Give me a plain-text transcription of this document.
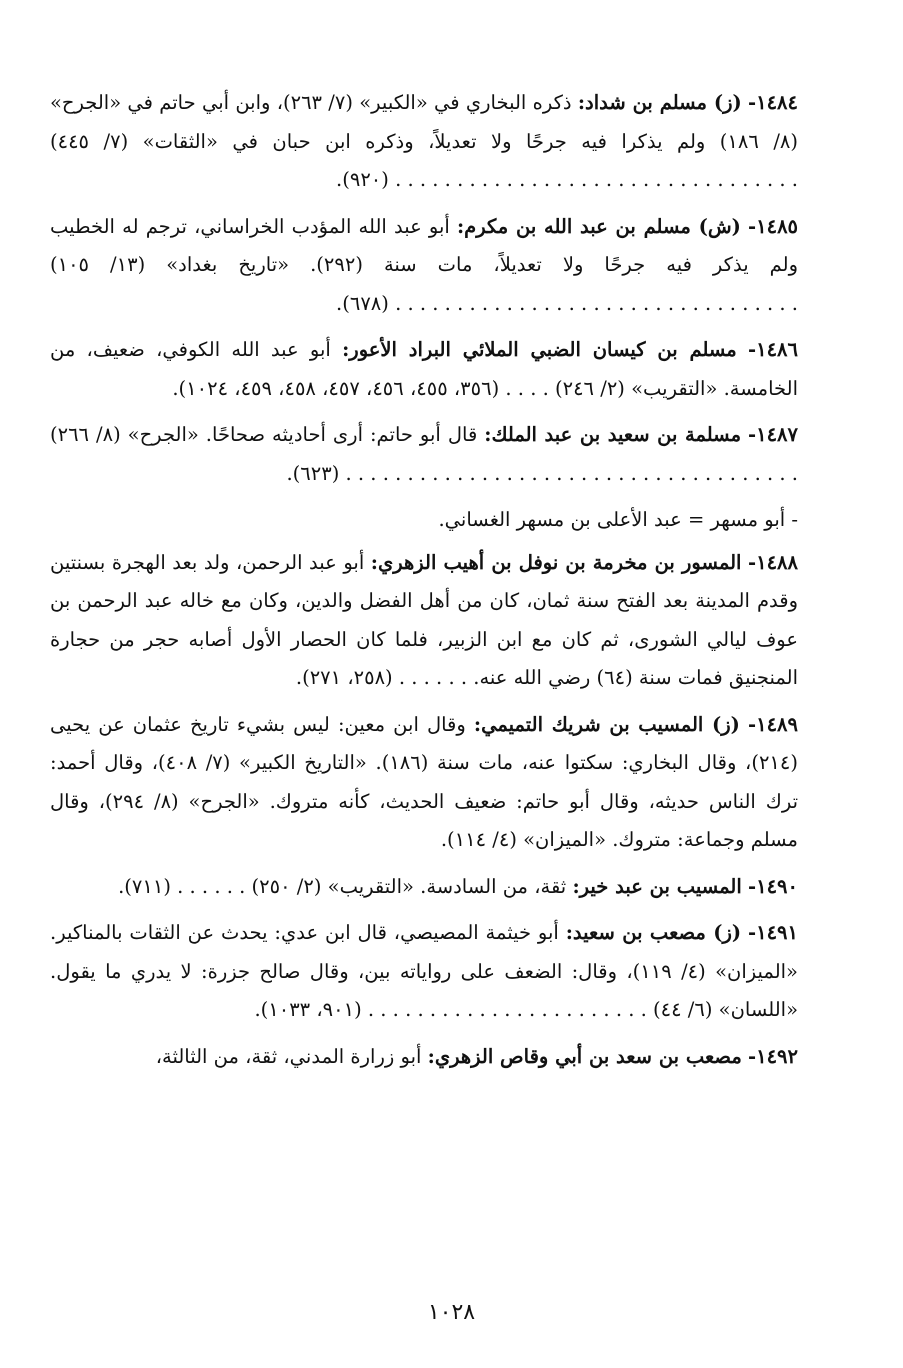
١٤٨٤- (ز) مسلم بن شداد: ذكره البخاري في «الكبير» (٧/ ٢٦٣)، وابن أبي حاتم في «الجرح» (٨/ ١٨٦) ولم يذكرا فيه جرحًا ولا تعديلاً، وذكره ابن حبان في «الثقات» (٧/ ٤٤٥) . . . . . . . . . . . . . . . . . . . . . . . . . . . . . . . . . (٩٢٠).

١٤٨٥- (ش) مسلم بن عبد الله بن مكرم: أبو عبد الله المؤدب الخراساني، ترجم له الخطيب ولم يذكر فيه جرحًا ولا تعديلاً، مات سنة (٢٩٢). «تاريخ بغداد» (١٣/ ١٠٥) . . . . . . . . . . . . . . . . . . . . . . . . . . . . . . . . . (٦٧٨).

١٤٨٦- مسلم بن كيسان الضبي الملائي البراد الأعور: أبو عبد الله الكوفي، ضعيف، من الخامسة. «التقريب» (٢/ ٢٤٦) . . . . (٣٥٦، ٤٥٥، ٤٥٦، ٤٥٧، ٤٥٨، ٤٥٩، ١٠٢٤).

١٤٨٧- مسلمة بن سعيد بن عبد الملك: قال أبو حاتم: أرى أحاديثه صحاحًا. «الجرح» (٨/ ٢٦٦) . . . . . . . . . . . . . . . . . . . . . . . . . . . . . . . . . . . . . (٦٢٣).

- أبو مسهر = عبد الأعلى بن مسهر الغساني.

١٤٨٨- المسور بن مخرمة بن نوفل بن أهيب الزهري: أبو عبد الرحمن، ولد بعد الهجرة بسنتين وقدم المدينة بعد الفتح سنة ثمان، كان من أهل الفضل والدين، وكان مع خاله عبد الرحمن بن عوف ليالي الشورى، ثم كان مع ابن الزبير، فلما كان الحصار الأول أصابه حجر من حجارة المنجنيق فمات سنة (٦٤) رضي الله عنه. . . . . . . (٢٥٨، ٢٧١).

١٤٨٩- (ز) المسيب بن شريك التميمي: وقال ابن معين: ليس بشيء تاريخ عثمان عن يحيى (٢١٤)، وقال البخاري: سكتوا عنه، مات سنة (١٨٦). «التاريخ الكبير» (٧/ ٤٠٨)، وقال أحمد: ترك الناس حديثه، وقال أبو حاتم: ضعيف الحديث، كأنه متروك. «الجرح» (٨/ ٢٩٤)، وقال مسلم وجماعة: متروك. «الميزان» (٤/ ١١٤).

١٤٩٠- المسيب بن عبد خير: ثقة، من السادسة. «التقريب» (٢/ ٢٥٠) . . . . . . (٧١١).

١٤٩١- (ز) مصعب بن سعيد: أبو خيثمة المصيصي، قال ابن عدي: يحدث عن الثقات بالمناكير. «الميزان» (٤/ ١١٩)، وقال: الضعف على رواياته بين، وقال صالح جزرة: لا يدري ما يقول. «اللسان» (٦/ ٤٤) . . . . . . . . . . . . . . . . . . . . . . . (٩٠١، ١٠٣٣).

١٤٩٢- مصعب بن سعد بن أبي وقاص الزهري: أبو زرارة المدني، ثقة، من الثالثة،

١٠٢٨
